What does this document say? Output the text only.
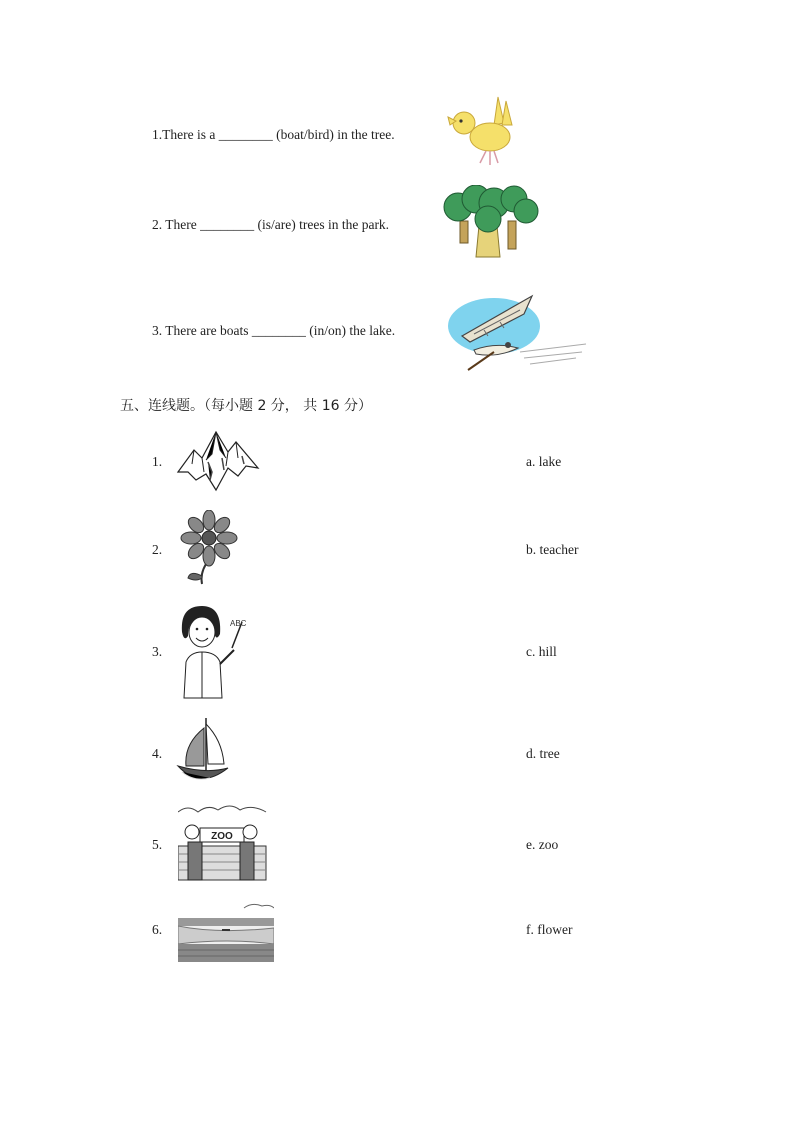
1.There is a ________ (boat/bird) in the tree.
2. There ________ (is/are) trees in the park.
3. There are boats ________ (in/on) the lake.
五、连线题。（每小题 2 分， 共 16 分）
1.
2.
3.
4.
5.
6.
ABC
ZOO
a. lake
b. teacher
c. hill
d. tree
e. zoo
f. flower
